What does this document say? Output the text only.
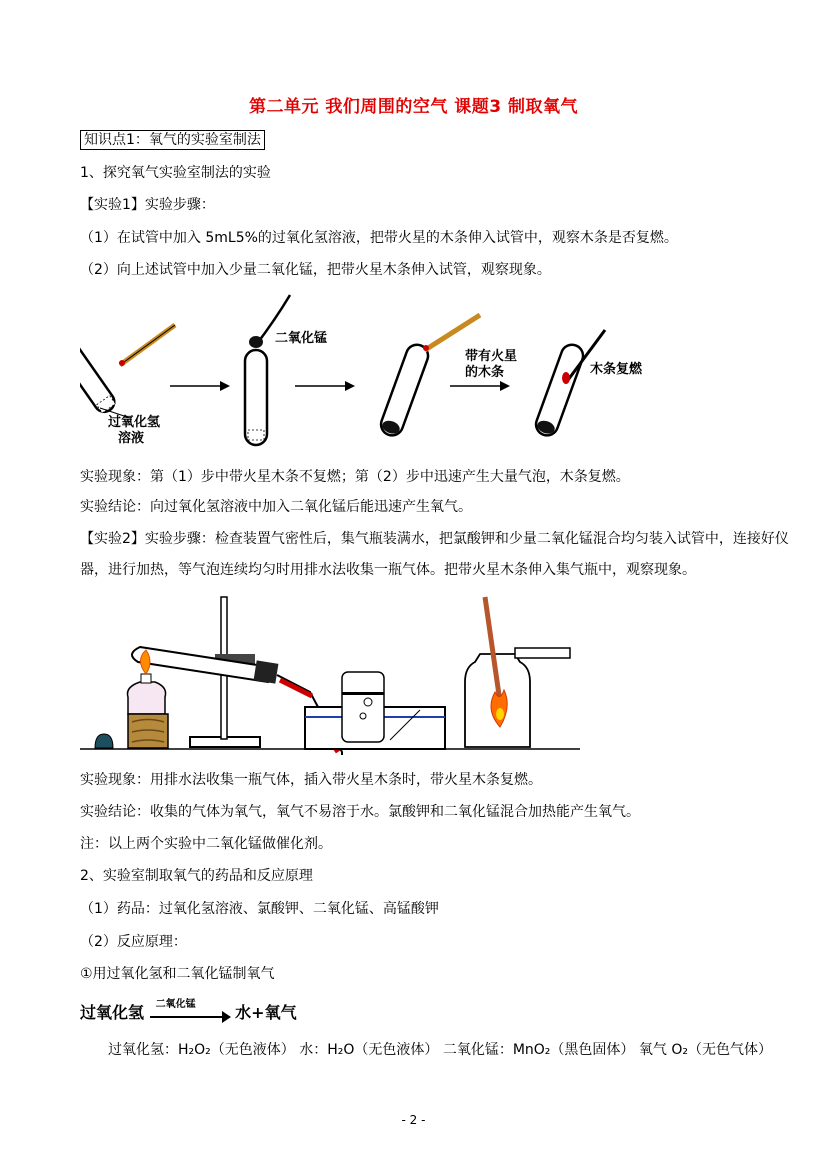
第二单元 我们周围的空气 课题3 制取氧气
知识点1：氧气的实验室制法
1、探究氧气实验室制法的实验
【实验1】实验步骤：
（1）在试管中加入 5mL5%的过氧化氢溶液，把带火星的木条伸入试管中，观察木条是否复燃。
（2）向上述试管中加入少量二氧化锰，把带火星木条伸入试管，观察现象。
过氧化氢
溶液
二氧化锰
带有火星
的木条	木条复燃
实验现象：第（1）步中带火星木条不复燃；第（2）步中迅速产生大量气泡，木条复燃。
实验结论：向过氧化氢溶液中加入二氧化锰后能迅速产生氧气。
【实验2】实验步骤：检查装置气密性后，集气瓶装满水，把氯酸钾和少量二氧化锰混合均匀装入试管中，连接好仪器，进行加热，等气泡连续均匀时用排水法收集一瓶气体。把带火星木条伸入集气瓶中，观察现象。
实验现象：用排水法收集一瓶气体，插入带火星木条时，带火星木条复燃。
实验结论：收集的气体为氧气，氧气不易溶于水。氯酸钾和二氧化锰混合加热能产生氧气。
注：以上两个实验中二氧化锰做催化剂。
2、实验室制取氧气的药品和反应原理
（1）药品：过氧化氢溶液、氯酸钾、二氧化锰、高锰酸钾
（2）反应原理：
①用过氧化氢和二氧化锰制氧气
过氧化氢 二氧化锰 水+氧气
过氧化氢：H₂O₂（无色液体） 水：H₂O（无色液体） 二氧化锰：MnO₂（黑色固体） 氧气 O₂（无色气体）
- 2 -
